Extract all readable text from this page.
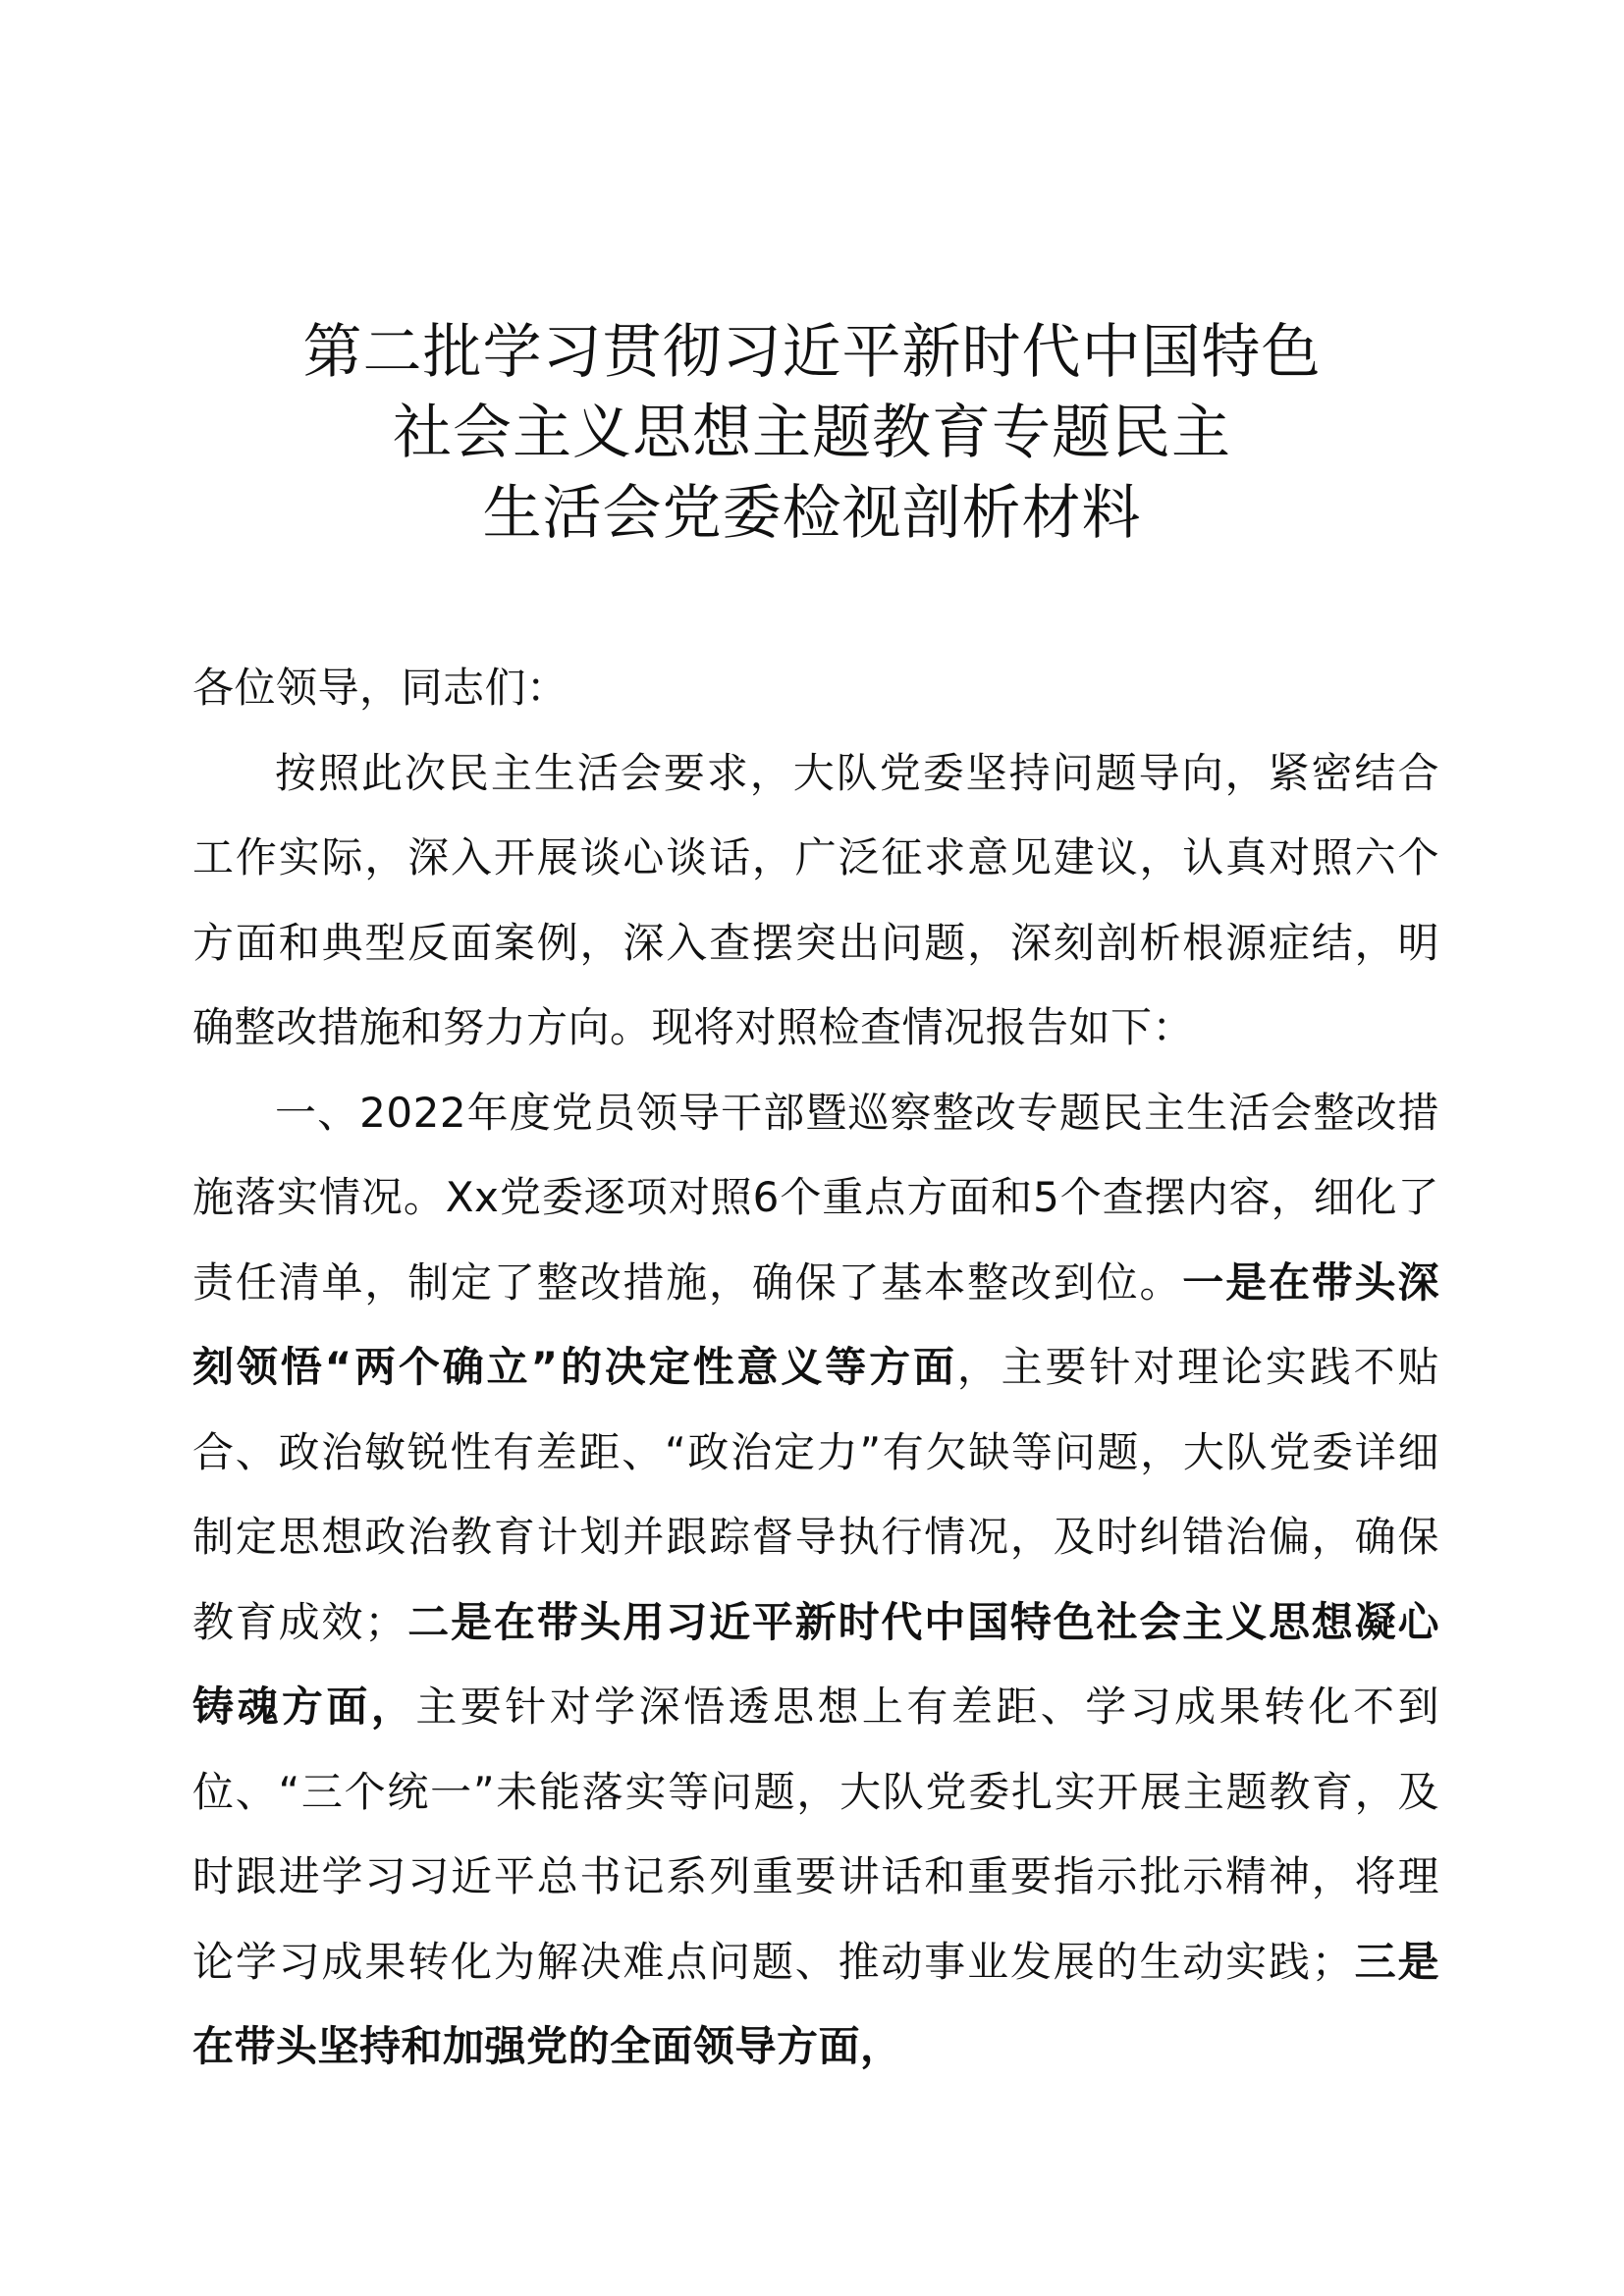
第二批学习贯彻习近平新时代中国特色
社会主义思想主题教育专题民主
生活会党委检视剖析材料

各位领导，同志们：

按照此次民主生活会要求，大队党委坚持问题导向，紧密结合工作实际，深入开展谈心谈话，广泛征求意见建议，认真对照六个方面和典型反面案例，深入查摆突出问题，深刻剖析根源症结，明确整改措施和努力方向。现将对照检查情况报告如下：

一、2022年度党员领导干部暨巡察整改专题民主生活会整改措施落实情况。Xx党委逐项对照6个重点方面和5个查摆内容，细化了责任清单，制定了整改措施，确保了基本整改到位。一是在带头深刻领悟“两个确立”的决定性意义等方面，主要针对理论实践不贴合、政治敏锐性有差距、“政治定力”有欠缺等问题，大队党委详细制定思想政治教育计划并跟踪督导执行情况，及时纠错治偏，确保教育成效；二是在带头用习近平新时代中国特色社会主义思想凝心铸魂方面，主要针对学深悟透思想上有差距、学习成果转化不到位、“三个统一”未能落实等问题，大队党委扎实开展主题教育，及时跟进学习习近平总书记系列重要讲话和重要指示批示精神，将理论学习成果转化为解决难点问题、推动事业发展的生动实践；三是在带头坚持和加强党的全面领导方面，
